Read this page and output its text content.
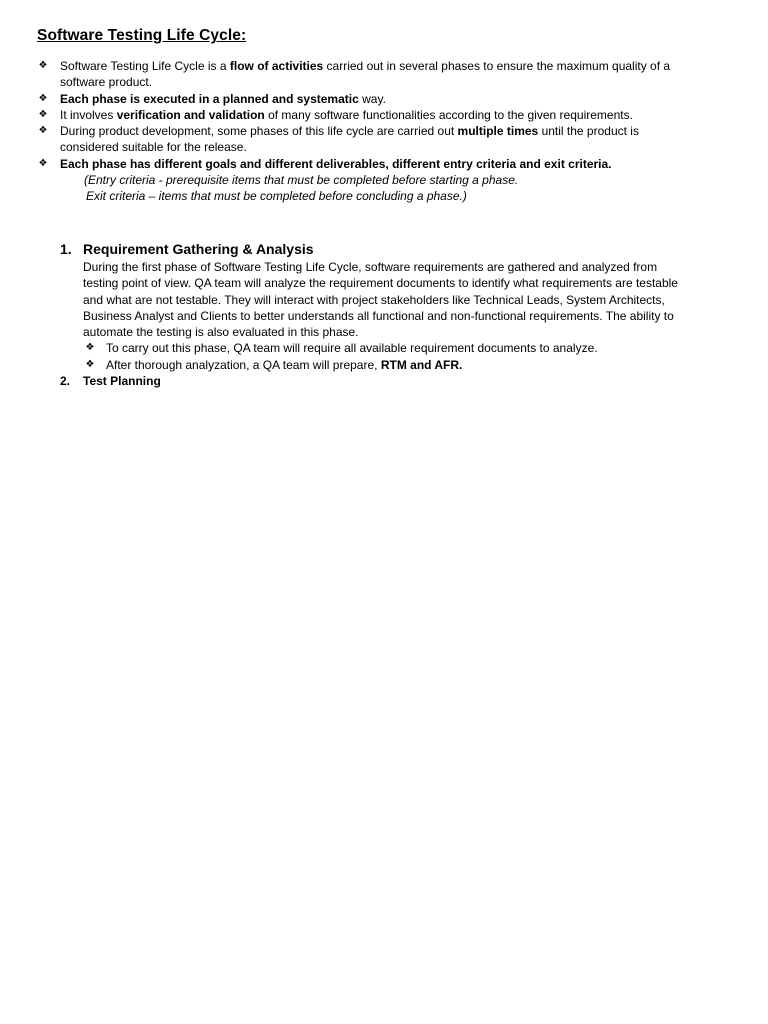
Software Testing Life Cycle:
❖ Software Testing Life Cycle is a flow of activities carried out in several phases to ensure the maximum quality of a software product.
❖ Each phase is executed in a planned and systematic way.
❖ It involves verification and validation of many software functionalities according to the given requirements.
❖ During product development, some phases of this life cycle are carried out multiple times until the product is considered suitable for the release.
❖ Each phase has different goals and different deliverables, different entry criteria and exit criteria.
(Entry criteria - prerequisite items that must be completed before starting a phase.
Exit criteria – items that must be completed before concluding a phase.)
1. Requirement Gathering & Analysis
During the first phase of Software Testing Life Cycle, software requirements are gathered and analyzed from testing point of view. QA team will analyze the requirement documents to identify what requirements are testable and what are not testable. They will interact with project stakeholders like Technical Leads, System Architects, Business Analyst and Clients to better understands all functional and non-functional requirements. The ability to automate the testing is also evaluated in this phase.
❖ To carry out this phase, QA team will require all available requirement documents to analyze.
❖ After thorough analyzation, a QA team will prepare, RTM and AFR.
2. Test Planning
